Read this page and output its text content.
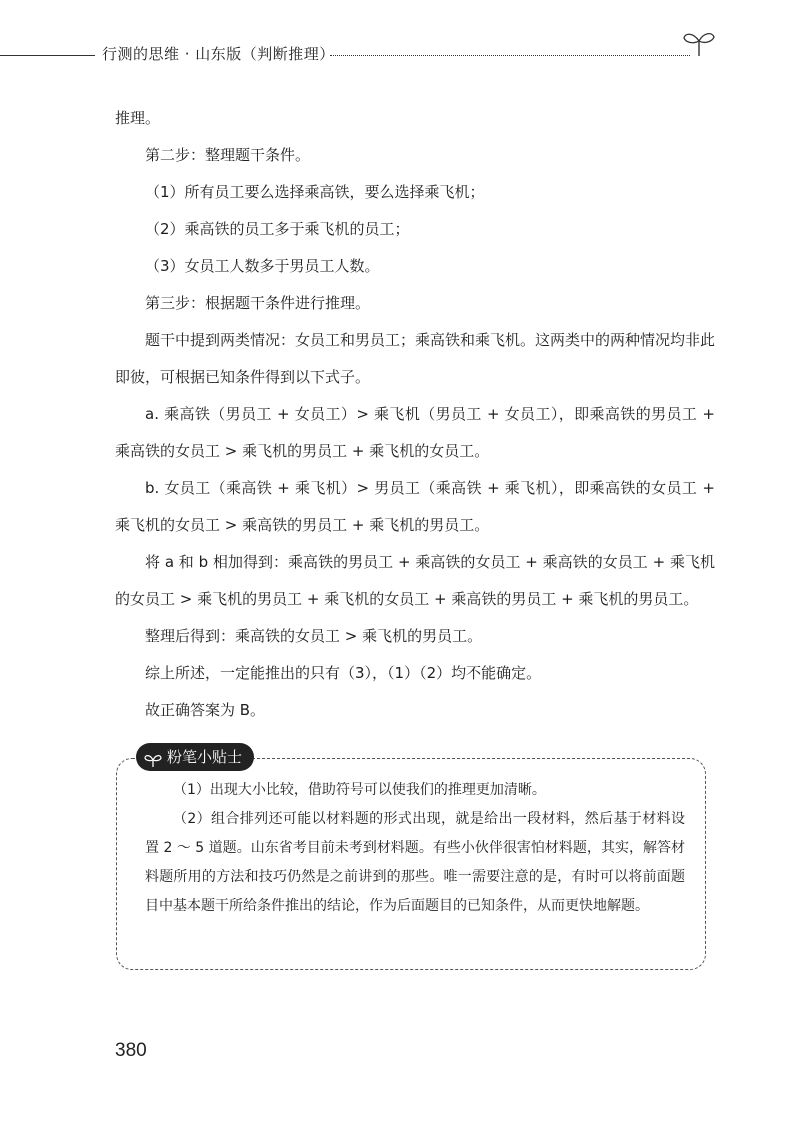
行测的思维 · 山东版（判断推理）

推理。

第二步：整理题干条件。

（1）所有员工要么选择乘高铁，要么选择乘飞机；

（2）乘高铁的员工多于乘飞机的员工；

（3）女员工人数多于男员工人数。

第三步：根据题干条件进行推理。

题干中提到两类情况：女员工和男员工；乘高铁和乘飞机。这两类中的两种情况均非此即彼，可根据已知条件得到以下式子。

a. 乘高铁（男员工 + 女员工）> 乘飞机（男员工 + 女员工），即乘高铁的男员工 + 乘高铁的女员工 > 乘飞机的男员工 + 乘飞机的女员工。

b. 女员工（乘高铁 + 乘飞机）> 男员工（乘高铁 + 乘飞机），即乘高铁的女员工 + 乘飞机的女员工 > 乘高铁的男员工 + 乘飞机的男员工。

将 a 和 b 相加得到：乘高铁的男员工 + 乘高铁的女员工 + 乘高铁的女员工 + 乘飞机的女员工 > 乘飞机的男员工 + 乘飞机的女员工 + 乘高铁的男员工 + 乘飞机的男员工。

整理后得到：乘高铁的女员工 > 乘飞机的男员工。

综上所述，一定能推出的只有（3），（1）（2）均不能确定。

故正确答案为 B。

粉笔小贴士

（1）出现大小比较，借助符号可以使我们的推理更加清晰。

（2）组合排列还可能以材料题的形式出现，就是给出一段材料，然后基于材料设置 2 ～ 5 道题。山东省考目前未考到材料题。有些小伙伴很害怕材料题，其实，解答材料题所用的方法和技巧仍然是之前讲到的那些。唯一需要注意的是，有时可以将前面题目中基本题干所给条件推出的结论，作为后面题目的已知条件，从而更快地解题。

380
